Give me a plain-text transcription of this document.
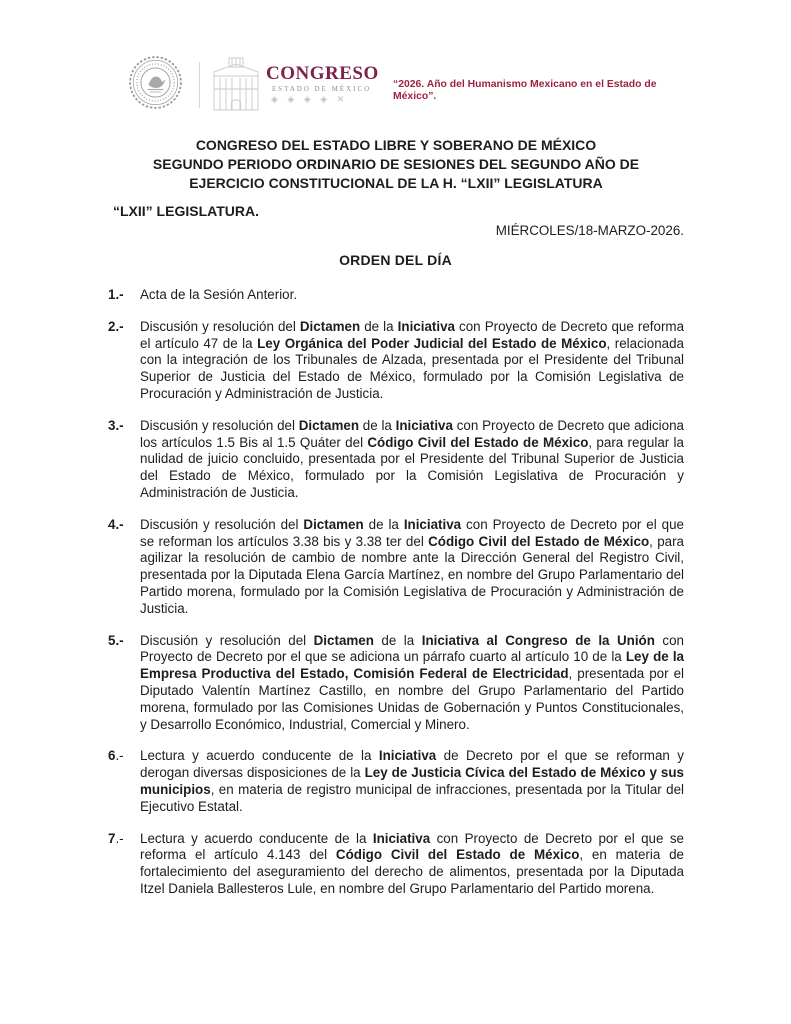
CONGRESO
ESTADO DE MÉXICO
◈ ◈ ◈ ◈ ✕
“2026. Año del Humanismo Mexicano en el Estado de México”.
CONGRESO DEL ESTADO LIBRE Y SOBERANO DE MÉXICO
SEGUNDO PERIODO ORDINARIO DE SESIONES DEL SEGUNDO AÑO DE
EJERCICIO CONSTITUCIONAL DE LA H. “LXII” LEGISLATURA
“LXII” LEGISLATURA.
MIÉRCOLES/18-MARZO-2026.
ORDEN DEL DÍA
1.- Acta de la Sesión Anterior.
2.- Discusión y resolución del Dictamen de la Iniciativa con Proyecto de Decreto que reforma el artículo 47 de la Ley Orgánica del Poder Judicial del Estado de México, relacionada con la integración de los Tribunales de Alzada, presentada por el Presidente del Tribunal Superior de Justicia del Estado de México, formulado por la Comisión Legislativa de Procuración y Administración de Justicia.
3.- Discusión y resolución del Dictamen de la Iniciativa con Proyecto de Decreto que adiciona los artículos 1.5 Bis al 1.5 Quáter del Código Civil del Estado de México, para regular la nulidad de juicio concluido, presentada por el Presidente del Tribunal Superior de Justicia del Estado de México, formulado por la Comisión Legislativa de Procuración y Administración de Justicia.
4.- Discusión y resolución del Dictamen de la Iniciativa con Proyecto de Decreto por el que se reforman los artículos 3.38 bis y 3.38 ter del Código Civil del Estado de México, para agilizar la resolución de cambio de nombre ante la Dirección General del Registro Civil, presentada por la Diputada Elena García Martínez, en nombre del Grupo Parlamentario del Partido morena, formulado por la Comisión Legislativa de Procuración y Administración de Justicia.
5.- Discusión y resolución del Dictamen de la Iniciativa al Congreso de la Unión con Proyecto de Decreto por el que se adiciona un párrafo cuarto al artículo 10 de la Ley de la Empresa Productiva del Estado, Comisión Federal de Electricidad, presentada por el Diputado Valentín Martínez Castillo, en nombre del Grupo Parlamentario del Partido morena, formulado por las Comisiones Unidas de Gobernación y Puntos Constitucionales, y Desarrollo Económico, Industrial, Comercial y Minero.
6.- Lectura y acuerdo conducente de la Iniciativa de Decreto por el que se reforman y derogan diversas disposiciones de la Ley de Justicia Cívica del Estado de México y sus municipios, en materia de registro municipal de infracciones, presentada por la Titular del Ejecutivo Estatal.
7.- Lectura y acuerdo conducente de la Iniciativa con Proyecto de Decreto por el que se reforma el artículo 4.143 del Código Civil del Estado de México, en materia de fortalecimiento del aseguramiento del derecho de alimentos, presentada por la Diputada Itzel Daniela Ballesteros Lule, en nombre del Grupo Parlamentario del Partido morena.
